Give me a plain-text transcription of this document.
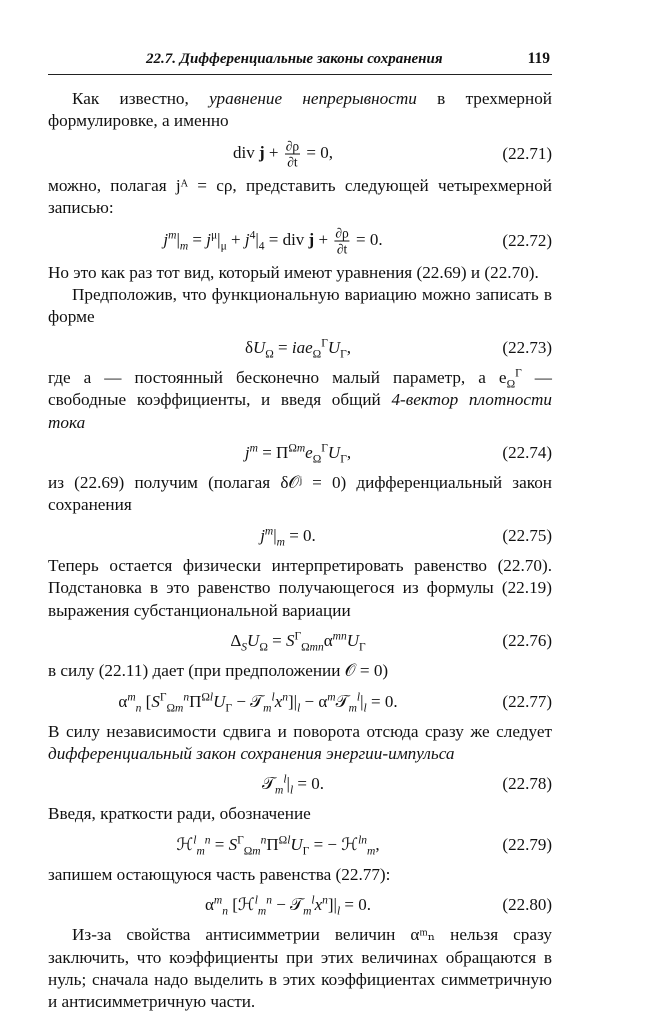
22.7. Дифференциальные законы сохранения	119

Как известно, уравнение непрерывности в трехмерной формулировке, а именно

div $j + \frac{\partial\rho}{\partial t} = 0$,	(22.71)

можно, полагая jᴬ = cρ, представить следующей четырехмерной записью:

$j^m|_m = j^\mu|_\mu + j^4|_4$ = div $j + \frac{\partial\rho}{\partial t} = 0$.	(22.72)

Но это как раз тот вид, который имеют уравнения (22.69) и (22.70).

Предположив, что функциональную вариацию можно записать в форме

$\delta U_\Omega = iae_\Omega^\Gamma U_\Gamma$,	(22.73)

где a — постоянный бесконечно малый параметр, а $e_\Omega^\Gamma$ — свободные коэффициенты, и введя общий 4-вектор плотности тока

$j^m = \Pi^{\Omega m}e_\Omega^\Gamma U_\Gamma$,	(22.74)

из (22.69) получим (полагая δ𝒪ʲ = 0) дифференциальный закон сохранения

$j^m|_m = 0$.	(22.75)

Теперь остается физически интерпретировать равенство (22.70). Подстановка в это равенство получающегося из формулы (22.19) выражения субстанциональной вариации

$\Delta_SU_\Omega = S^\Gamma_{\Omega mn}\alpha^{mn}U_\Gamma$	(22.76)

в силу (22.11) дает (при предположении 𝒪 = 0)

$\alpha^m_n$ [$S^\Gamma_{\Omega m}^n\Pi^{\Omega l}U_\Gamma$ − $𝒯_m^lx^n]|_l$ − $\alpha^m𝒯_m^l|_l = 0$.	(22.77)

В силу независимости сдвига и поворота отсюда сразу же следует дифференциальный закон сохранения энергии-импульса

$𝒯_m^l|_l = 0$.	(22.78)

Введя, краткости ради, обозначение

ℋ$^l_m^n$ = $S^\Gamma_{\Omega m}^n\Pi^{\Omega l}U_\Gamma$ = − ℋ$^{ln}_m$,	(22.79)

запишем остающуюся часть равенства (22.77):

$\alpha^m_n$ [ℋ$^l_m^n$ − $𝒯_m^lx^n]|_l = 0$.	(22.80)

Из-за свойства антисимметрии величин αᵐₙ нельзя сразу заключить, что коэффициенты при этих величинах обращаются в нуль; сначала надо выделить в этих коэффициентах симметричную и антисимметричную части.
